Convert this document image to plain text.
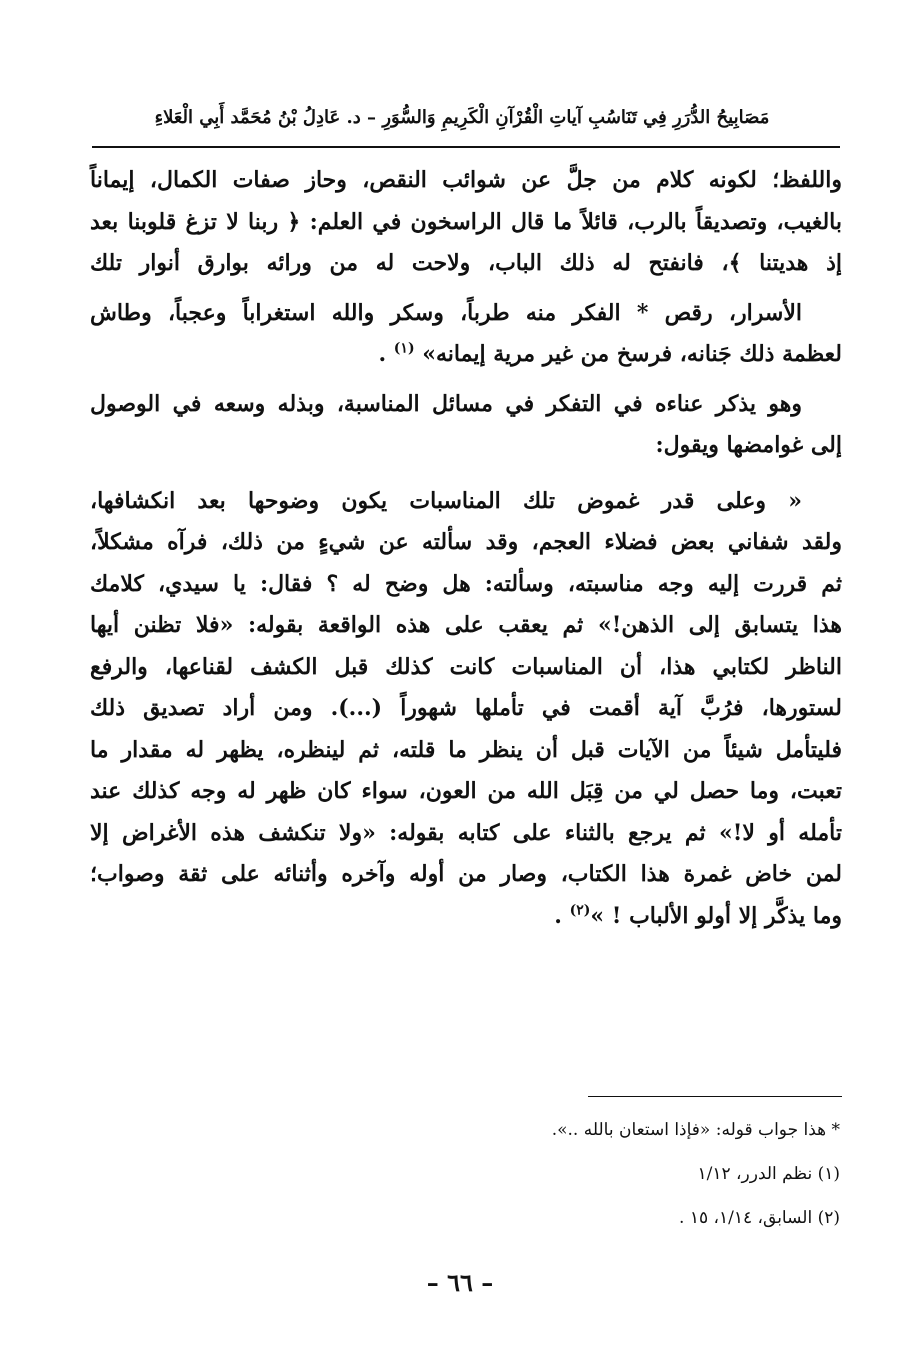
مَصَابِيحُ الدُّرَرِ فِي تَنَاسُبِ آياتِ الْقُرْآنِ الْكَرِيمِ وَالسُّوَرِ – د. عَادِلُ بْنُ مُحَمَّد أَبِي الْعَلاءِ

واللفظ؛ لكونه كلام من جلَّ عن شوائب النقص، وحاز صفات الكمال، إيماناً
بالغيب، وتصديقاً بالرب، قائلاً ما قال الراسخون في العلم: ﴿ ربنا لا تزغ قلوبنا بعد
إذ هديتنا ﴾، فانفتح له ذلك الباب، ولاحت له من ورائه بوارق أنوار تلك

الأسرار، رقص * الفكر منه طرباً، وسكر والله استغراباً وعجباً، وطاش
لعظمة ذلك جَنانه، فرسخ من غير مرية إيمانه» $^{(١)}$ .

وهو يذكر عناءه في التفكر في مسائل المناسبة، وبذله وسعه في الوصول
إلى غوامضها ويقول:

« وعلى قدر غموض تلك المناسبات يكون وضوحها بعد انكشافها،
ولقد شفاني بعض فضلاء العجم، وقد سألته عن شيءٍ من ذلك، فرآه مشكلاً،
ثم قررت إليه وجه مناسبته، وسألته: هل وضح له ؟ فقال: يا سيدي، كلامك
هذا يتسابق إلى الذهن!» ثم يعقب على هذه الواقعة بقوله: «فلا تظنن أيها
الناظر لكتابي هذا، أن المناسبات كانت كذلك قبل الكشف لقناعها، والرفع
لستورها، فرُبَّ آية أقمت في تأملها شهوراً (...). ومن أراد تصديق ذلك
فليتأمل شيئاً من الآيات قبل أن ينظر ما قلته، ثم لينظره، يظهر له مقدار ما
تعبت، وما حصل لي من قِبَل الله من العون، سواء كان ظهر له وجه كذلك عند
تأمله أو لا!» ثم يرجع بالثناء على كتابه بقوله: «ولا تنكشف هذه الأغراض إلا
لمن خاض غمرة هذا الكتاب، وصار من أوله وآخره وأثنائه على ثقة وصواب؛
وما يذكَّر إلا أولو الألباب ! »$^{(٢)}$ .

* هذا جواب قوله: «فإذا استعان بالله ..».
(١) نظم الدرر، ١/١٢
(٢) السابق، ١/١٤، ١٥ .
– ٦٦ –
